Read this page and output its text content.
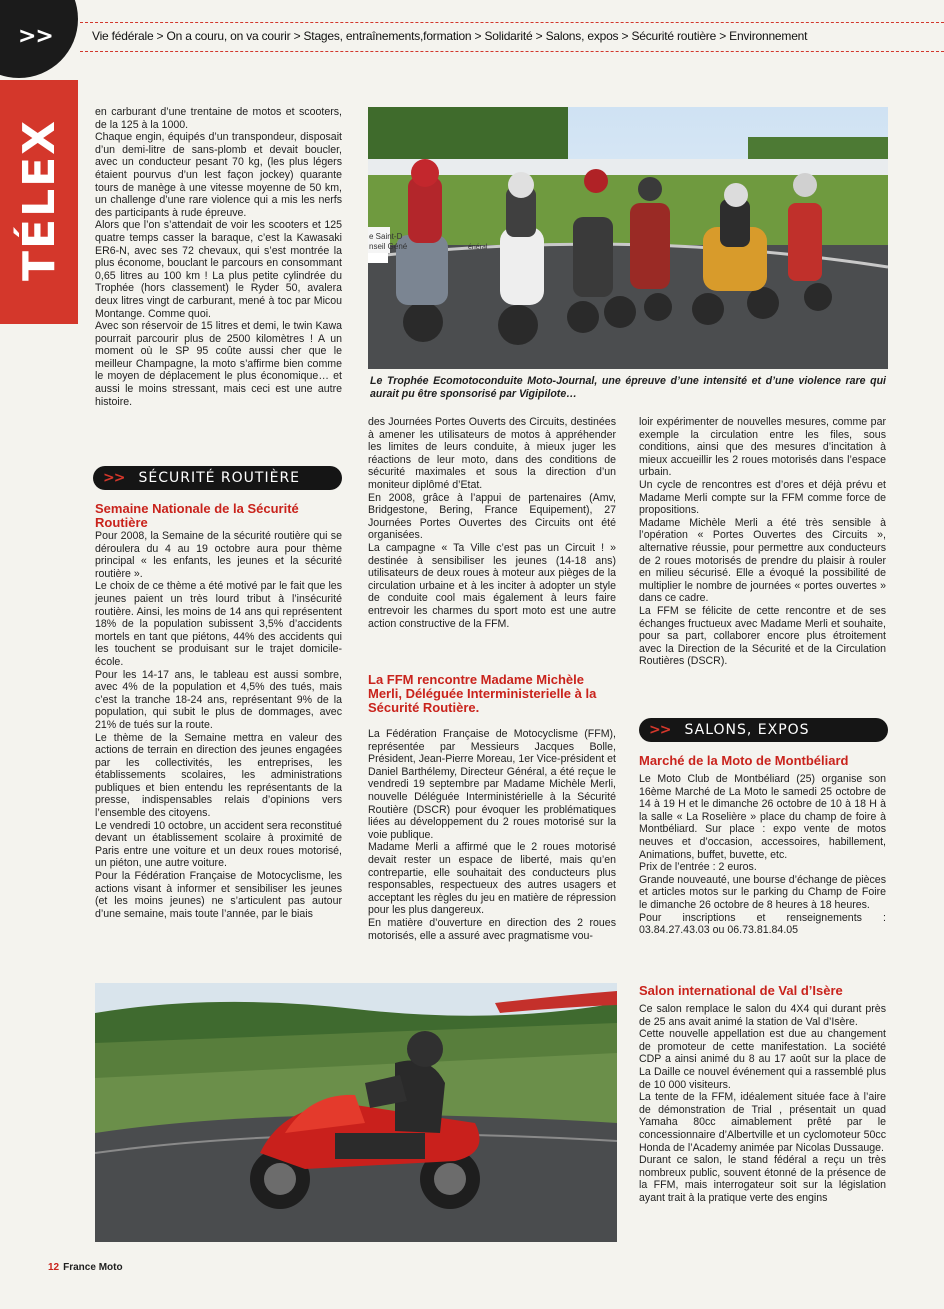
>>	Vie fédérale > On a couru, on va courir > Stages, entraînements,formation > Solidarité > Salons, expos > Sécurité routière > Environnement
TÉLEX

en carburant d’une trentaine de motos et scooters, de la 125 à la 1000.

Chaque engin, équipés d’un transpondeur, disposait d’un demi-litre de sans-plomb et devait boucler, avec un conducteur pesant 70 kg, (les plus légers étaient pourvus d’un lest façon jockey) quarante tours de manège à une vitesse moyenne de 50 km, un challenge d’une rare violence qui a mis les nerfs des participants à rude épreuve.

Alors que l’on s’attendait de voir les scooters et 125 quatre temps casser la baraque, c’est la Kawasaki ER6-N, avec ses 72 chevaux, qui s’est montrée la plus économe, bouclant le parcours en consommant 0,65 litres au 100 km ! La plus petite cylindrée du Trophée (hors classement) le Ryder 50, avalera deux litres vingt de carburant, mené à toc par Micou Montange. Comme quoi.

Avec son réservoir de 15 litres et demi, le twin Kawa pourrait parcourir plus de 2500 kilomètres ! A un moment où le SP 95 coûte aussi cher que le meilleur Champagne, la moto s’affirme bien comme le moyen de déplacement le plus économique… et aussi le moins stressant, mais ceci est une autre histoire.

>> SÉCURITÉ ROUTIÈRE
Semaine Nationale de la Sécurité Routière

Pour 2008, la Semaine de la sécurité routière qui se déroulera du 4 au 19 octobre aura pour thème principal « les enfants, les jeunes et la sécurité routière ».

Le choix de ce thème a été motivé par le fait que les jeunes paient un très lourd tribut à l’insécurité routière. Ainsi, les moins de 14 ans qui représentent 18% de la population subissent 3,5% d’accidents mortels en tant que piétons, 44% des accidents qui les touchent se produisant sur le trajet domicile-école.

Pour les 14-17 ans, le tableau est aussi sombre, avec 4% de la population et 4,5% des tués, mais c’est la tranche 18-24 ans, représentant 9% de la population, qui subit le plus de dommages, avec 21% de tués sur la route.

Le thème de la Semaine mettra en valeur des actions de terrain en direction des jeunes engagées par les collectivités, les entreprises, les établissements scolaires, les administrations publiques et bien entendu les représentants de la presse, indispensables relais d’opinions vers l’ensemble des citoyens.

Le vendredi 10 octobre, un accident sera reconstitué devant un établissement scolaire à proximité de Paris entre une voiture et un deux roues motorisé, un piéton, une autre voiture.

Pour la Fédération Française de Motocyclisme, les actions visant à informer et sensibiliser les jeunes (et les moins jeunes) ne s’articulent pas autour d’une semaine, mais toute l’année, par le biais

e Saint-D
nseil Géné	énéral
Le Trophée Ecomotoconduite Moto-Journal, une épreuve d’une intensité et d’une violence rare qui aurait pu être sponsorisé par Vigipilote…

des Journées Portes Ouverts des Circuits, destinées à amener les utilisateurs de motos à appréhender les limites de leurs conduite, à mieux juger les réactions de leur moto, dans des conditions de sécurité maximales et sous la direction d’un moniteur diplômé d’Etat.

En 2008, grâce à l’appui de partenaires (Amv, Bridgestone, Bering, France Equipement), 27 Journées Portes Ouvertes des Circuits ont été organisées.

La campagne « Ta Ville c’est pas un Circuit ! » destinée à sensibiliser les jeunes (14-18 ans) utilisateurs de deux roues à moteur aux pièges de la circulation urbaine et à les inciter à adopter un style de conduite cool mais également à leurs faire entrevoir les charmes du sport moto est une autre action constructive de la FFM.

La FFM rencontre Madame Michèle Merli, Déléguée Interministerielle à la Sécurité Routière.

La Fédération Française de Motocyclisme (FFM), représentée par Messieurs Jacques Bolle, Président, Jean-Pierre Moreau, 1er Vice-président et Daniel Barthélemy, Directeur Général, a été reçue le vendredi 19 septembre par Madame Michèle Merli, nouvelle Déléguée Interministérielle à la Sécurité Routière (DSCR) pour évoquer les problématiques liées au développement du 2 roues motorisé sur la voie publique.

Madame Merli a affirmé que le 2 roues motorisé devait rester un espace de liberté, mais qu’en contrepartie, elle souhaitait des conducteurs plus responsables, respectueux des autres usagers et acceptant les règles du jeu en matière de répression pour les plus dangereux.

En matière d’ouverture en direction des 2 roues motorisés, elle a assuré avec pragmatisme vou-

loir expérimenter de nouvelles mesures, comme par exemple la circulation entre les files, sous conditions, ainsi que des mesures d’incitation à mieux accueillir les 2 roues motorisés dans l’espace urbain.

Un cycle de rencontres est d’ores et déjà prévu et Madame Merli compte sur la FFM comme force de propositions.

Madame Michèle Merli a été très sensible à l’opération « Portes Ouvertes des Circuits », alternative réussie, pour permettre aux conducteurs de 2 roues motorisés de prendre du plaisir à rouler en milieu sécurisé. Elle a évoqué la possibilité de multiplier le nombre de journées « portes ouvertes » dans ce cadre.

La FFM se félicite de cette rencontre et de ses échanges fructueux avec Madame Merli et souhaite, pour sa part, collaborer encore plus étroitement avec la Direction de la Sécurité et de la Circulation Routières (DSCR).

>> SALONS, EXPOS
Marché de la Moto de Montbéliard

Le Moto Club de Montbéliard (25) organise son 16ème Marché de La Moto le samedi 25 octobre de 14 à 19 H et le dimanche 26 octobre de 10 à 18 H à la salle « La Roselière » place du champ de foire à Montbéliard. Sur place : expo vente de motos neuves et d’occasion, accessoires, habillement, Animations, buffet, buvette, etc.

Prix de l’entrée : 2 euros.

Grande nouveauté, une bourse d’échange de pièces et articles motos sur le parking du Champ de Foire le dimanche 26 octobre de 8 heures à 18 heures.

Pour inscriptions et renseignements : 03.84.27.43.03 ou 06.73.81.84.05

Salon international de Val d’Isère

Ce salon remplace le salon du 4X4 qui durant près de 25 ans avait animé la station de Val d’Isère.

Cette nouvelle appellation est due au changement de promoteur de cette manifestation. La société CDP a ainsi animé du 8 au 17 août sur la place de La Daille ce nouvel événement qui a rassemblé plus de 10 000 visiteurs.

La tente de la FFM, idéalement située face à l’aire de démonstration de Trial , présentait un quad Yamaha 80cc aimablement prêté par le concessionnaire d’Albertville et un cyclomoteur 50cc Honda de l’Academy animée par Nicolas Dussauge.

Durant ce salon, le stand fédéral a reçu un très nombreux public, souvent étonné de la présence de la FFM, mais interrogateur soit sur la législation ayant trait à la pratique verte des engins

12 France Moto
